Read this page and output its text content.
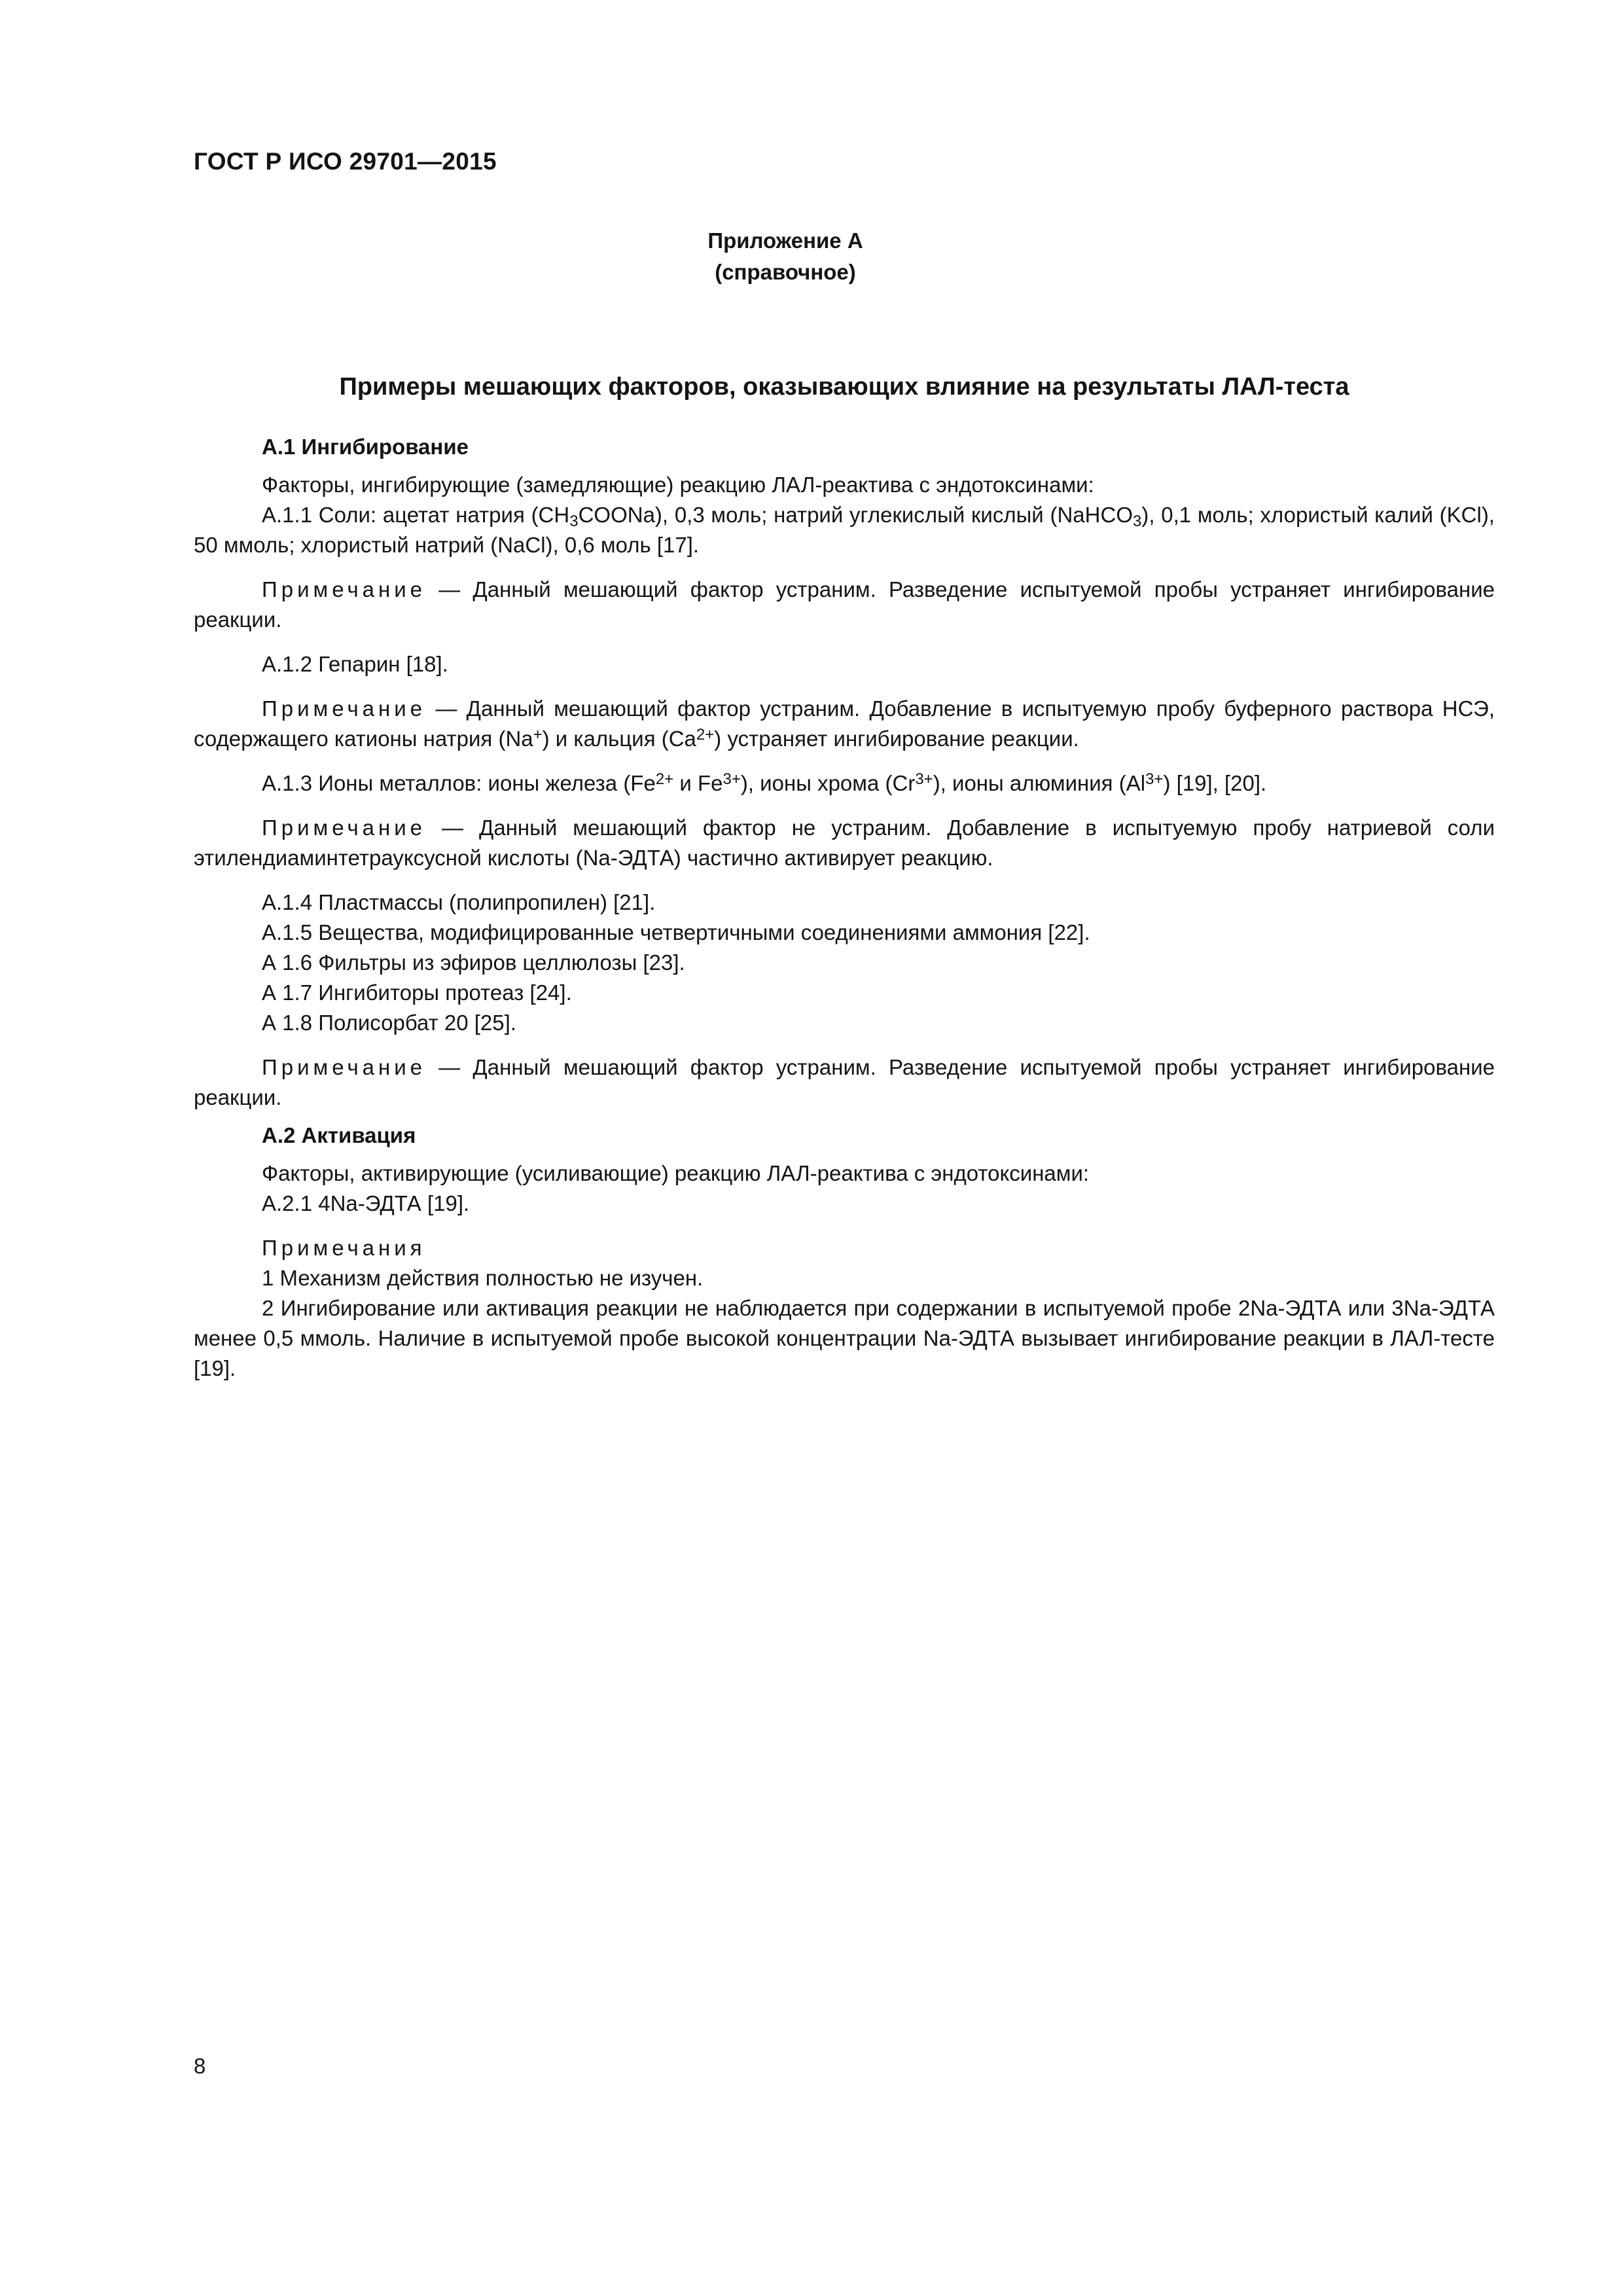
ГОСТ Р ИСО 29701—2015
Приложение А
(справочное)
Примеры мешающих факторов, оказывающих влияние на результаты ЛАЛ-теста

А.1 Ингибирование

Факторы, ингибирующие (замедляющие) реакцию ЛАЛ-реактива с эндотоксинами:

А.1.1 Соли: ацетат натрия $(CH_3COONa)$, 0,3 моль; натрий углекислый кислый (NaHCO$_3$), 0,1 моль; хлористый калий (KCl), 50 ммоль; хлористый натрий (NaCl), 0,6 моль [17].

Примечание — Данный мешающий фактор устраним. Разведение испытуемой пробы устраняет ингибирование реакции.

А.1.2 Гепарин [18].

Примечание — Данный мешающий фактор устраним. Добавление в испытуемую пробу буферного раствора НСЭ, содержащего катионы натрия (Na+) и кальция $(Ca^{2+})$ устраняет ингибирование реакции.

А.1.3 Ионы металлов: ионы железа ($Fe^{2+}$ и $Fe^{3+}$), ионы хрома $(Cr^{3+})$, ионы алюминия $(Al^{3+})$ [19], [20].

Примечание — Данный мешающий фактор не устраним. Добавление в испытуемую пробу натриевой соли этилендиаминтетрауксусной кислоты (Na-ЭДТА) частично активирует реакцию.

А.1.4 Пластмассы (полипропилен) [21].

А.1.5 Вещества, модифицированные четвертичными соединениями аммония [22].

А 1.6 Фильтры из эфиров целлюлозы [23].

А 1.7 Ингибиторы протеаз [24].

А 1.8 Полисорбат 20 [25].

Примечание — Данный мешающий фактор устраним. Разведение испытуемой пробы устраняет ингибирование реакции.

А.2 Активация

Факторы, активирующие (усиливающие) реакцию ЛАЛ-реактива с эндотоксинами:

А.2.1 4Na-ЭДТА [19].

Примечания

1 Механизм действия полностью не изучен.

2 Ингибирование или активация реакции не наблюдается при содержании в испытуемой пробе 2Na-ЭДТА или 3Na-ЭДТА менее 0,5 ммоль. Наличие в испытуемой пробе высокой концентрации Na-ЭДТА вызывает ингибирование реакции в ЛАЛ-тесте [19].

8
